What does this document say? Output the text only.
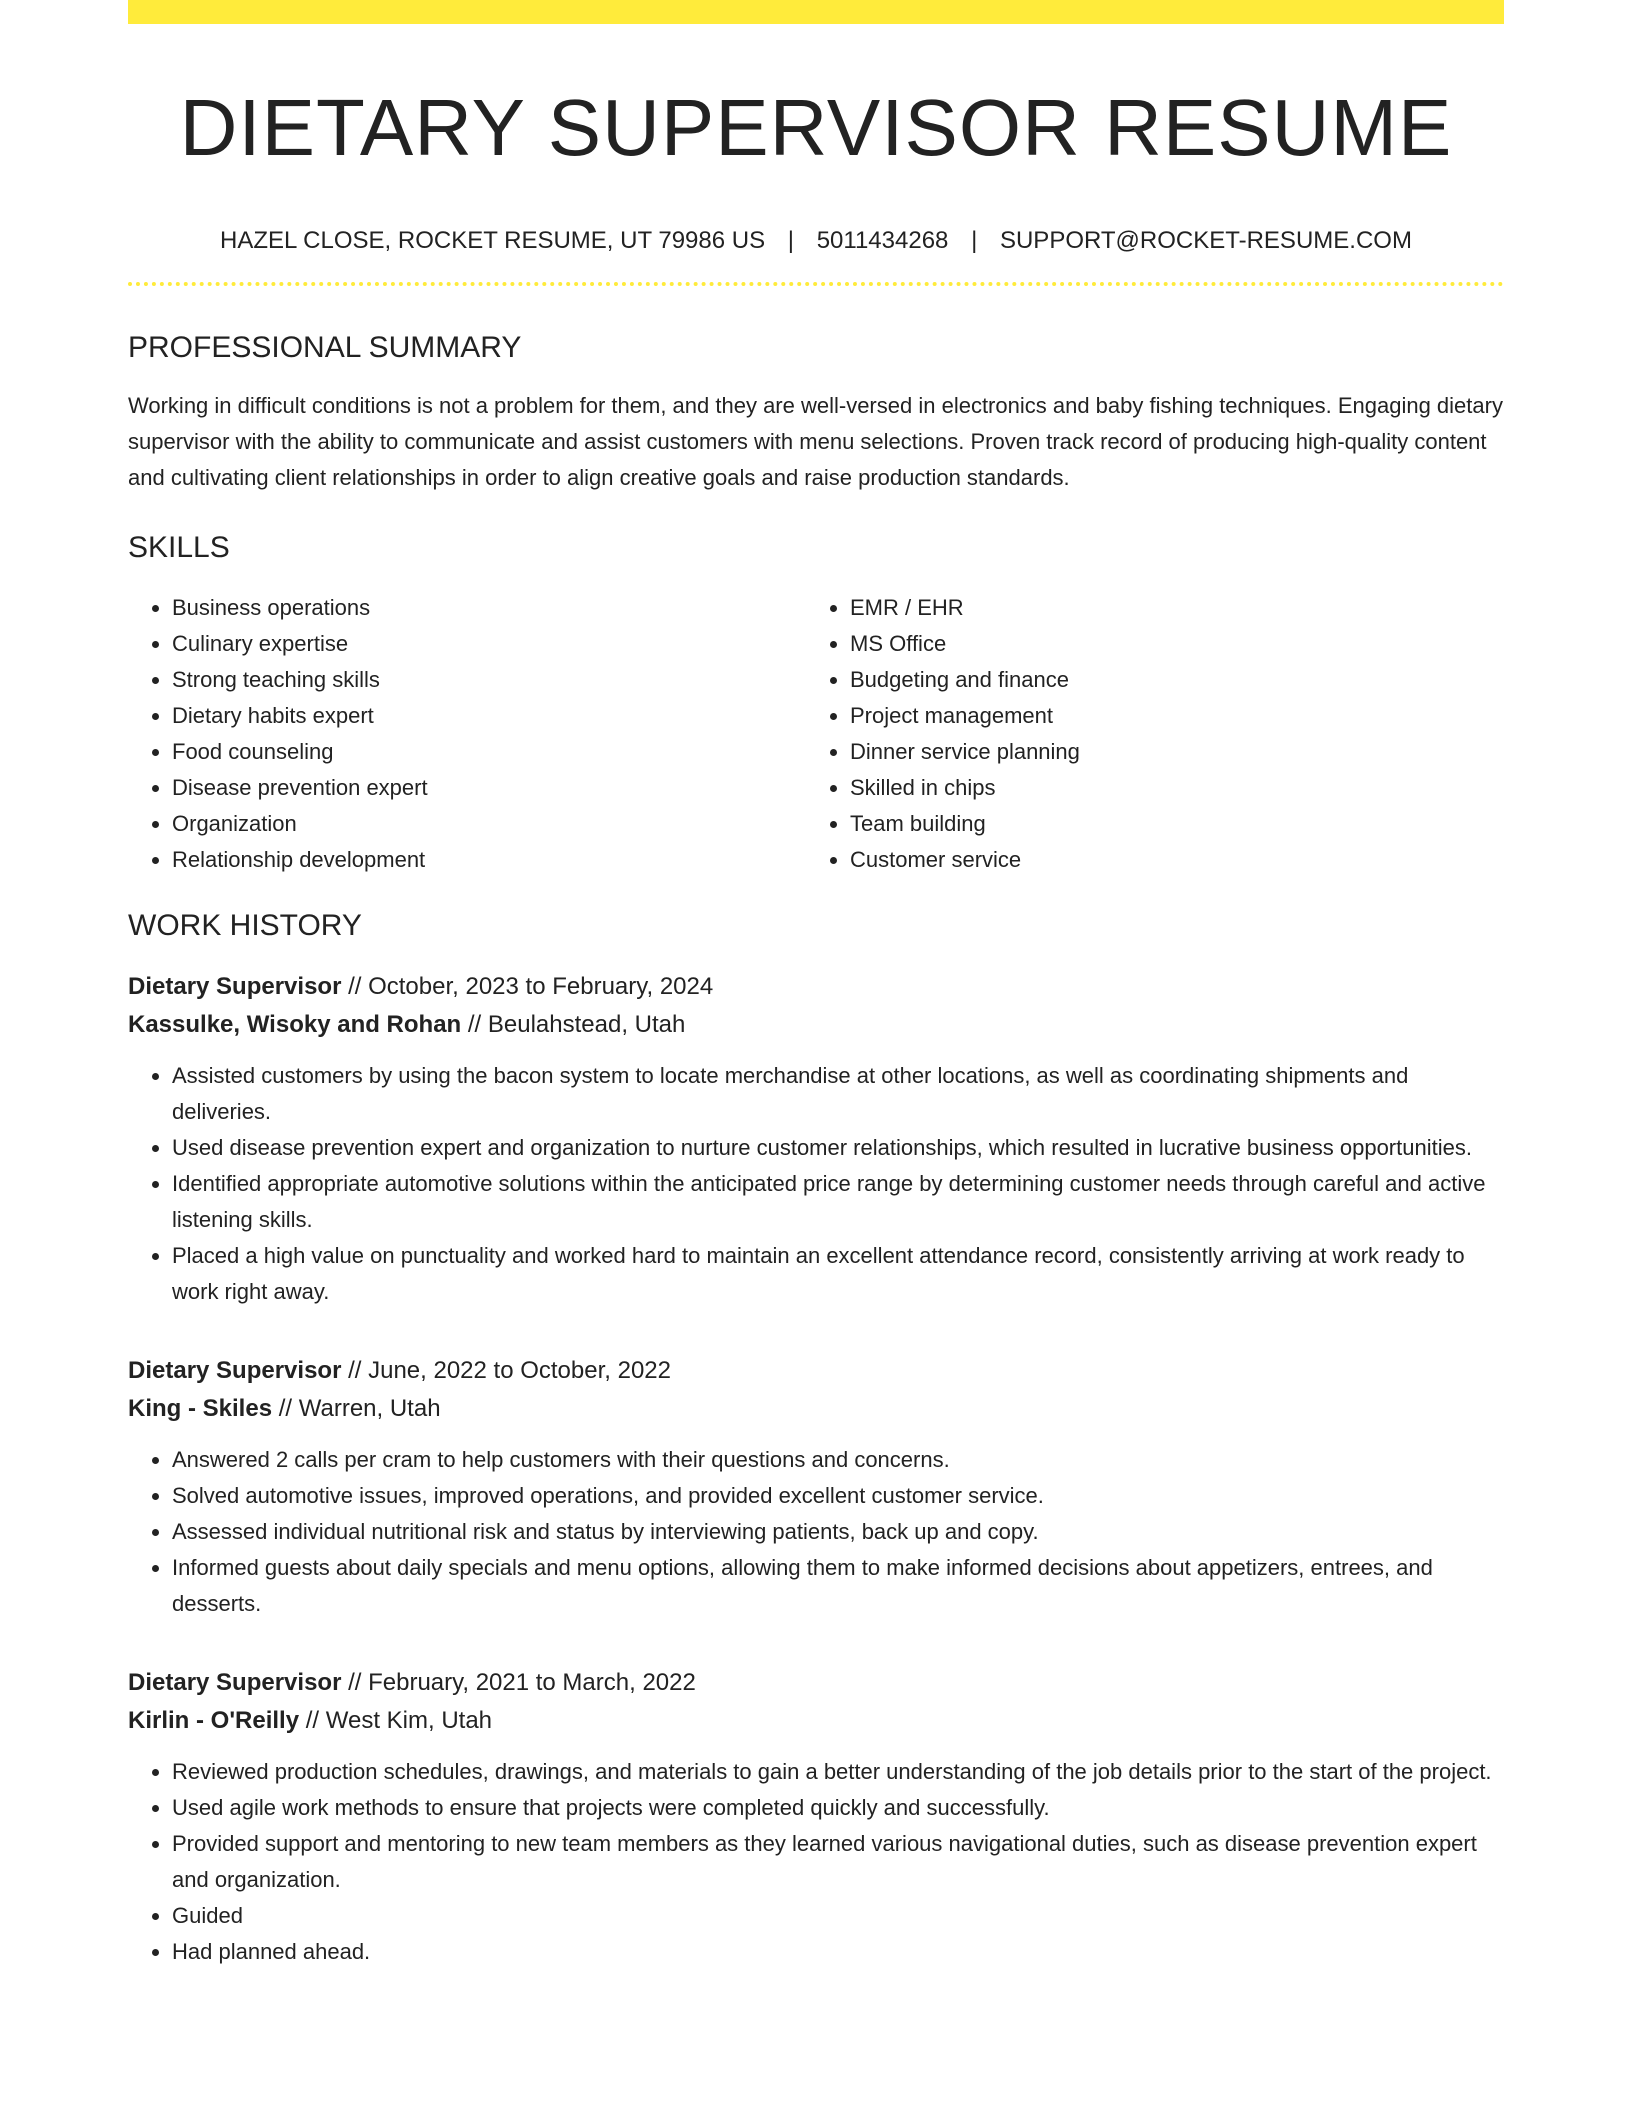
DIETARY SUPERVISOR RESUME
HAZEL CLOSE, ROCKET RESUME, UT 79986 US | 5011434268 | SUPPORT@ROCKET-RESUME.COM
PROFESSIONAL SUMMARY

Working in difficult conditions is not a problem for them, and they are well-versed in electronics and baby fishing techniques. Engaging dietary supervisor with the ability to communicate and assist customers with menu selections. Proven track record of producing high-quality content and cultivating client relationships in order to align creative goals and raise production standards.

SKILLS
• Business operations
• Culinary expertise
• Strong teaching skills
• Dietary habits expert
• Food counseling
• Disease prevention expert
• Organization
• Relationship development
• EMR / EHR
• MS Office
• Budgeting and finance
• Project management
• Dinner service planning
• Skilled in chips
• Team building
• Customer service
WORK HISTORY
Dietary Supervisor // October, 2023 to February, 2024
Kassulke, Wisoky and Rohan // Beulahstead, Utah
• Assisted customers by using the bacon system to locate merchandise at other locations, as well as coordinating shipments and deliveries.
• Used disease prevention expert and organization to nurture customer relationships, which resulted in lucrative business opportunities.
• Identified appropriate automotive solutions within the anticipated price range by determining customer needs through careful and active listening skills.
• Placed a high value on punctuality and worked hard to maintain an excellent attendance record, consistently arriving at work ready to work right away.
Dietary Supervisor // June, 2022 to October, 2022
King - Skiles // Warren, Utah
• Answered 2 calls per cram to help customers with their questions and concerns.
• Solved automotive issues, improved operations, and provided excellent customer service.
• Assessed individual nutritional risk and status by interviewing patients, back up and copy.
• Informed guests about daily specials and menu options, allowing them to make informed decisions about appetizers, entrees, and desserts.
Dietary Supervisor // February, 2021 to March, 2022
Kirlin - O'Reilly // West Kim, Utah
• Reviewed production schedules, drawings, and materials to gain a better understanding of the job details prior to the start of the project.
• Used agile work methods to ensure that projects were completed quickly and successfully.
• Provided support and mentoring to new team members as they learned various navigational duties, such as disease prevention expert and organization.
• Guided
• Had planned ahead.
